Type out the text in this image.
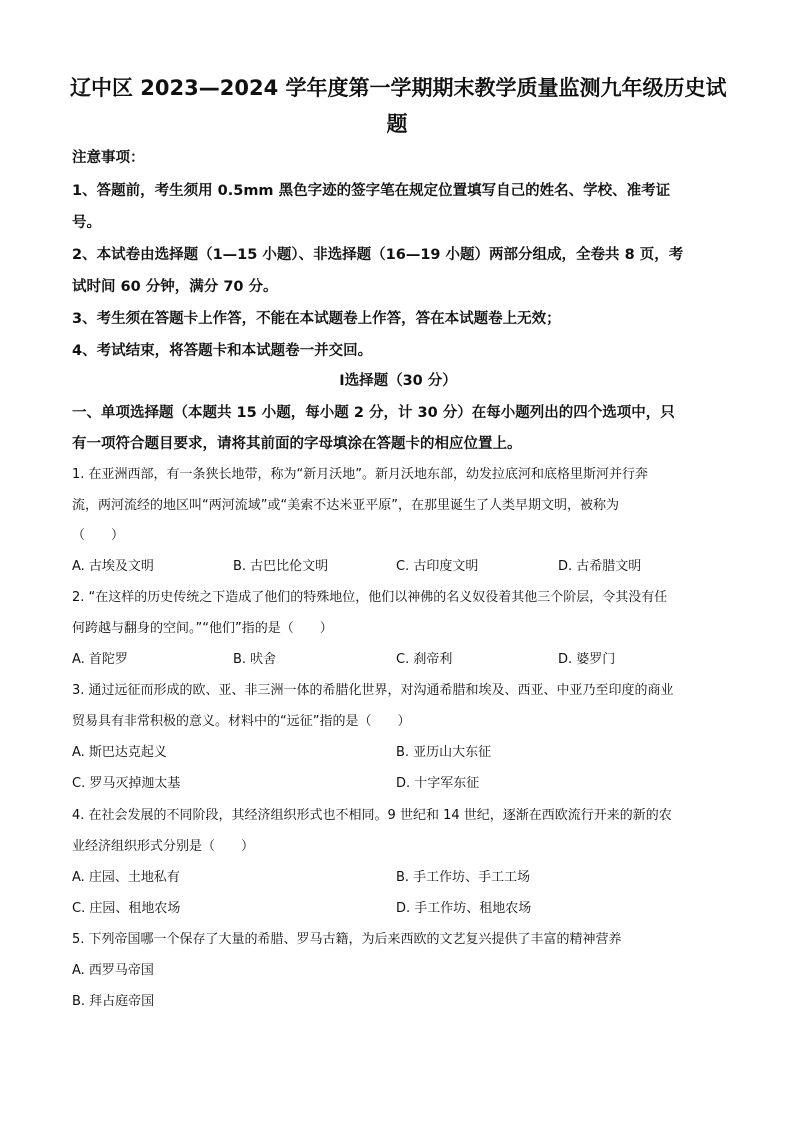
辽中区 2023—2024 学年度第一学期期末教学质量监测九年级历史试
题
注意事项：
1、答题前，考生须用 0.5mm 黑色字迹的签字笔在规定位置填写自己的姓名、学校、准考证
号。
2、本试卷由选择题（1—15 小题）、非选择题（16—19 小题）两部分组成，全卷共 8 页，考
试时间 60 分钟，满分 70 分。
3、考生须在答题卡上作答，不能在本试题卷上作答，答在本试题卷上无效；
4、考试结束，将答题卡和本试题卷一并交回。
Ⅰ选择题（30 分）
一、单项选择题（本题共 15 小题，每小题 2 分，计 30 分）在每小题列出的四个选项中，只
有一项符合题目要求，请将其前面的字母填涂在答题卡的相应位置上。
1. 在亚洲西部，有一条狭长地带，称为“新月沃地”。新月沃地东部，幼发拉底河和底格里斯河并行奔
流，两河流经的地区叫“两河流域”或“美索不达米亚平原”，在那里诞生了人类早期文明，被称为
（　　）
A. 古埃及文明	B. 古巴比伦文明	C. 古印度文明	D. 古希腊文明
2. “在这样的历史传统之下造成了他们的特殊地位，他们以神佛的名义奴役着其他三个阶层，令其没有任
何跨越与翻身的空间。”“他们”指的是（　　）
A. 首陀罗	B. 吠舍	C. 刹帝利	D. 婆罗门
3. 通过远征而形成的欧、亚、非三洲一体的希腊化世界，对沟通希腊和埃及、西亚、中亚乃至印度的商业
贸易具有非常积极的意义。材料中的“远征”指的是（　　）
A. 斯巴达克起义	B. 亚历山大东征
C. 罗马灭掉迦太基	D. 十字军东征
4. 在社会发展的不同阶段，其经济组织形式也不相同。9 世纪和 14 世纪，逐渐在西欧流行开来的新的农
业经济组织形式分别是（　　）
A. 庄园、土地私有	B. 手工作坊、手工工场
C. 庄园、租地农场	D. 手工作坊、租地农场
5. 下列帝国哪一个保存了大量的希腊、罗马古籍，为后来西欧的文艺复兴提供了丰富的精神营养
A. 西罗马帝国
B. 拜占庭帝国
